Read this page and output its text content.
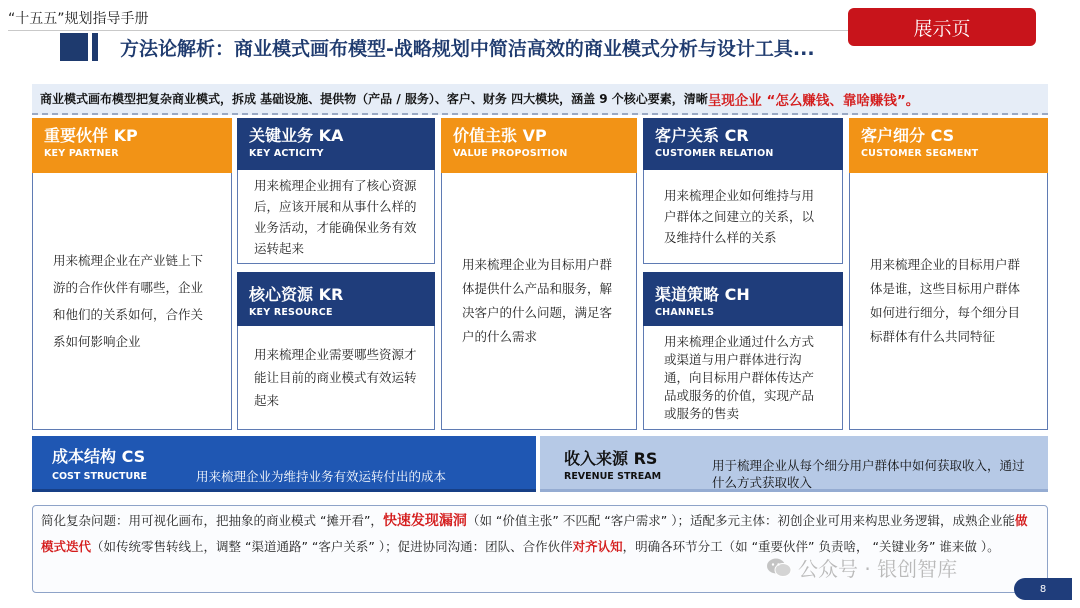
“十五五”规划指导手册	展示页
方法论解析：商业模式画布模型-战略规划中简洁高效的商业模式分析与设计工具...
商业模式画布模型把复杂商业模式，拆成 基础设施、提供物（产品 / 服务）、客户、财务 四大模块，涵盖 9 个核心要素，清晰 呈现企业 “怎么赚钱、靠啥赚钱”。
重要伙伴 KP
KEY PARTNER
用来梳理企业在产业链上下游的合作伙伴有哪些，企业和他们的关系如何，合作关系如何影响企业
关键业务 KA
KEY ACTICITY
用来梳理企业拥有了核心资源后，应该开展和从事什么样的业务活动，才能确保业务有效运转起来
核心资源 KR
KEY RESOURCE
用来梳理企业需要哪些资源才能让目前的商业模式有效运转起来
价值主张 VP
VALUE PROPOSITION
用来梳理企业为目标用户群体提供什么产品和服务，解决客户的什么问题，满足客户的什么需求
客户关系 CR
CUSTOMER RELATION
用来梳理企业如何维持与用户群体之间建立的关系，以及维持什么样的关系
渠道策略 CH
CHANNELS
用来梳理企业通过什么方式或渠道与用户群体进行沟通，向目标用户群体传达产品或服务的价值，实现产品或服务的售卖
客户细分 CS
CUSTOMER SEGMENT
用来梳理企业的目标用户群体是谁，这些目标用户群体如何进行细分，每个细分目标群体有什么共同特征
成本结构 CS
COST STRUCTURE	用来梳理企业为维持业务有效运转付出的成本
收入来源 RS
REVENUE STREAM
用于梳理企业从每个细分用户群体中如何获取收入，通过什么方式获取收入
简化复杂问题：用可视化画布，把抽象的商业模式 “摊开看”，快速发现漏洞（如 “价值主张” 不匹配 “客户需求” ）；适配多元主体：初创企业可用来构思业务逻辑，成熟企业能做模式迭代（如传统零售转线上，调整 “渠道通路” “客户关系” ）；促进协同沟通：团队、合作伙伴对齐认知，明确各环节分工（如 “重要伙伴” 负责啥， “关键业务” 谁来做 ）。
公众号 · 银创智库
8
